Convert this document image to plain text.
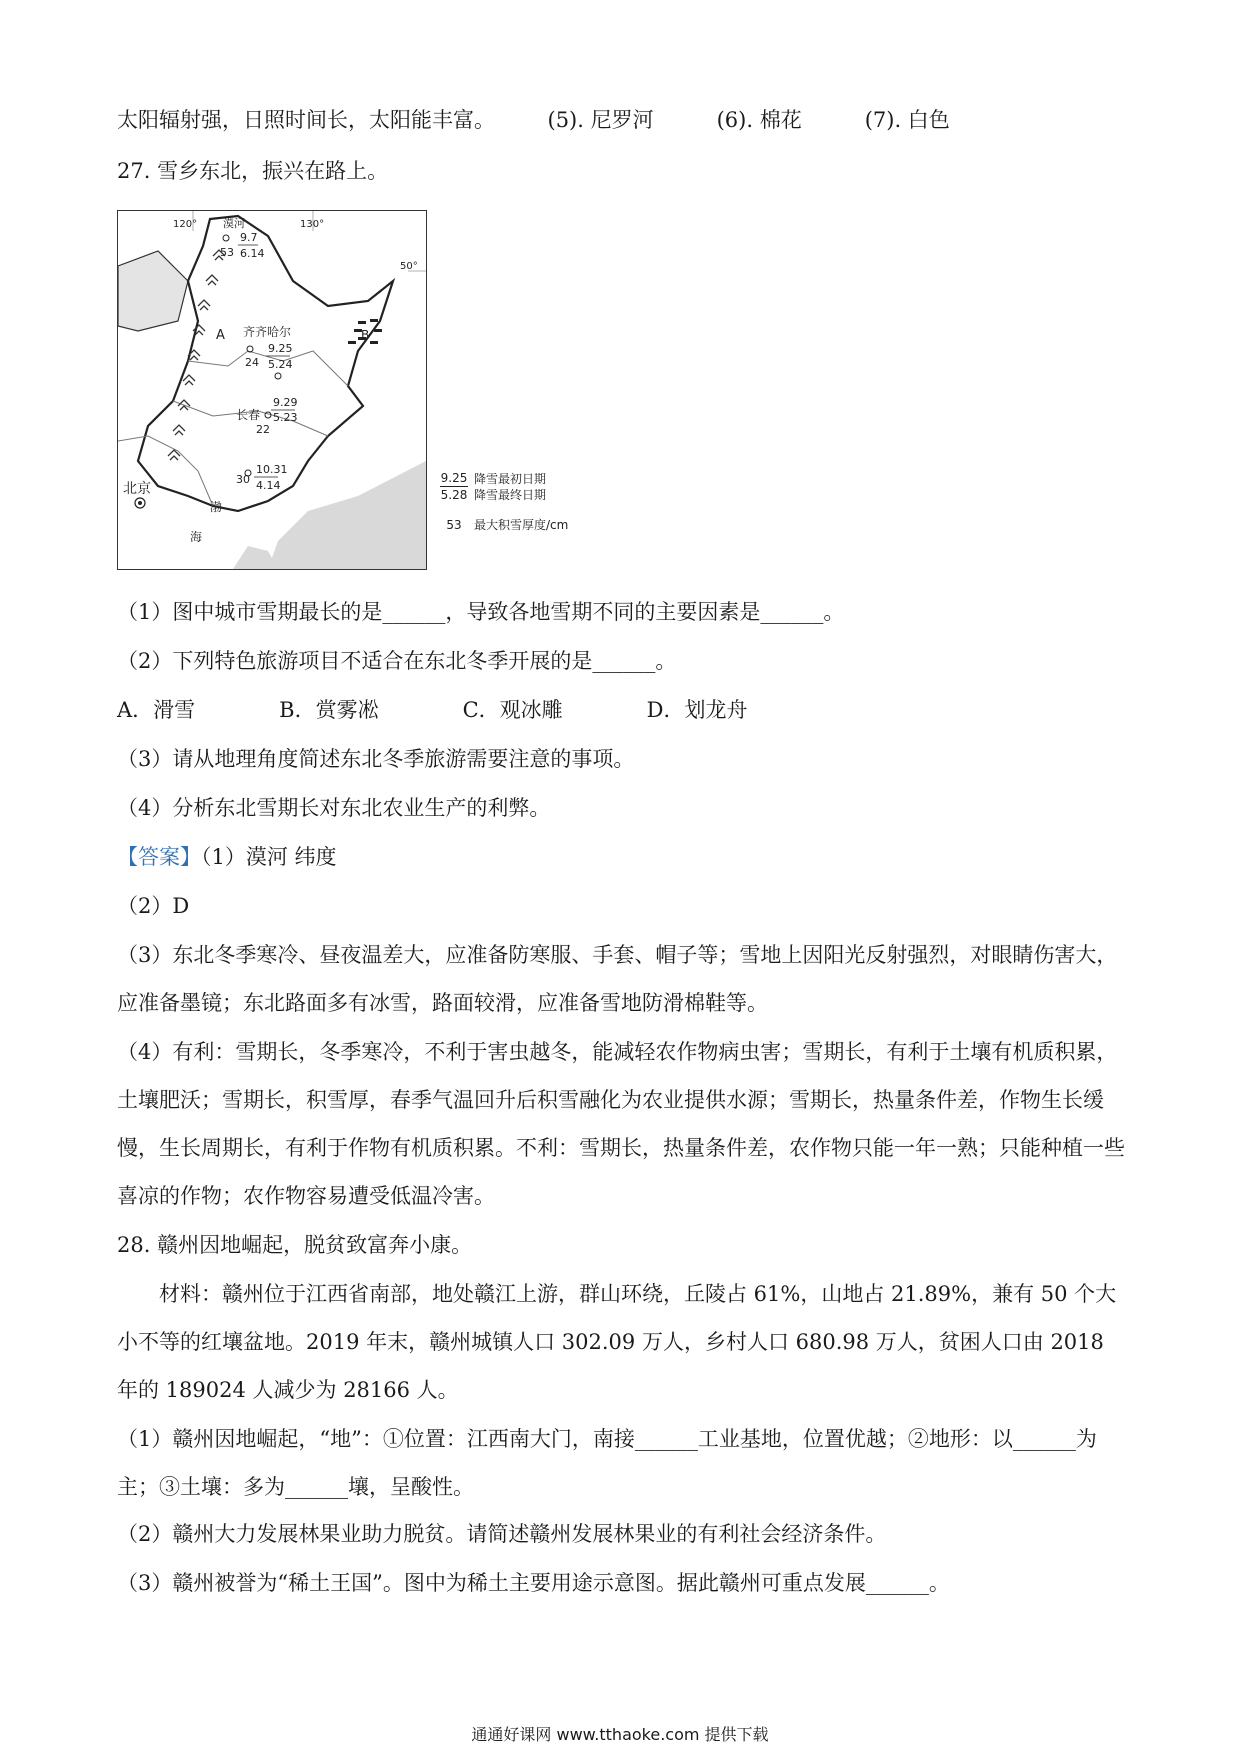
太阳辐射强，日照时间长，太阳能丰富。　　　(5). 尼罗河　　　(6). 棉花　　　(7). 白色
27. 雪乡东北，振兴在路上。
120°	130°
50°
A	B
漠河
53
9.7
6.14
齐齐哈尔
24
9.25
5.24
长春
22
9.29
5.23
30
10.31
4.14
北京
渤
海
9.25 降雪最初日期
5.28 降雪最终日期
53	最大积雪厚度/cm
（1）图中城市雪期最长的是______，导致各地雪期不同的主要因素是______。
（2）下列特色旅游项目不适合在东北冬季开展的是______。
A．滑雪　　　　B．赏雾凇　　　　C．观冰雕　　　　D．划龙舟
（3）请从地理角度简述东北冬季旅游需要注意的事项。
（4）分析东北雪期长对东北农业生产的利弊。
【答案】（1）漠河 纬度
（2）D
（3）东北冬季寒冷、昼夜温差大，应准备防寒服、手套、帽子等；雪地上因阳光反射强烈，对眼睛伤害大，应准备墨镜；东北路面多有冰雪，路面较滑，应准备雪地防滑棉鞋等。
（4）有利：雪期长，冬季寒冷，不利于害虫越冬，能减轻农作物病虫害；雪期长，有利于土壤有机质积累，土壤肥沃；雪期长，积雪厚，春季气温回升后积雪融化为农业提供水源；雪期长，热量条件差，作物生长缓慢，生长周期长，有利于作物有机质积累。不利：雪期长，热量条件差，农作物只能一年一熟；只能种植一些喜凉的作物；农作物容易遭受低温冷害。
28. 赣州因地崛起，脱贫致富奔小康。
　　材料：赣州位于江西省南部，地处赣江上游，群山环绕，丘陵占 61%，山地占 21.89%，兼有 50 个大小不等的红壤盆地。2019 年末，赣州城镇人口 302.09 万人，乡村人口 680.98 万人，贫困人口由 2018 年的 189024 人减少为 28166 人。
（1）赣州因地崛起，“地”：①位置：江西南大门，南接______工业基地，位置优越；②地形：以______为主；③土壤：多为______壤，呈酸性。
（2）赣州大力发展林果业助力脱贫。请简述赣州发展林果业的有利社会经济条件。
（3）赣州被誉为“稀土王国”。图中为稀土主要用途示意图。据此赣州可重点发展______。
通通好课网 www.tthaoke.com 提供下载
